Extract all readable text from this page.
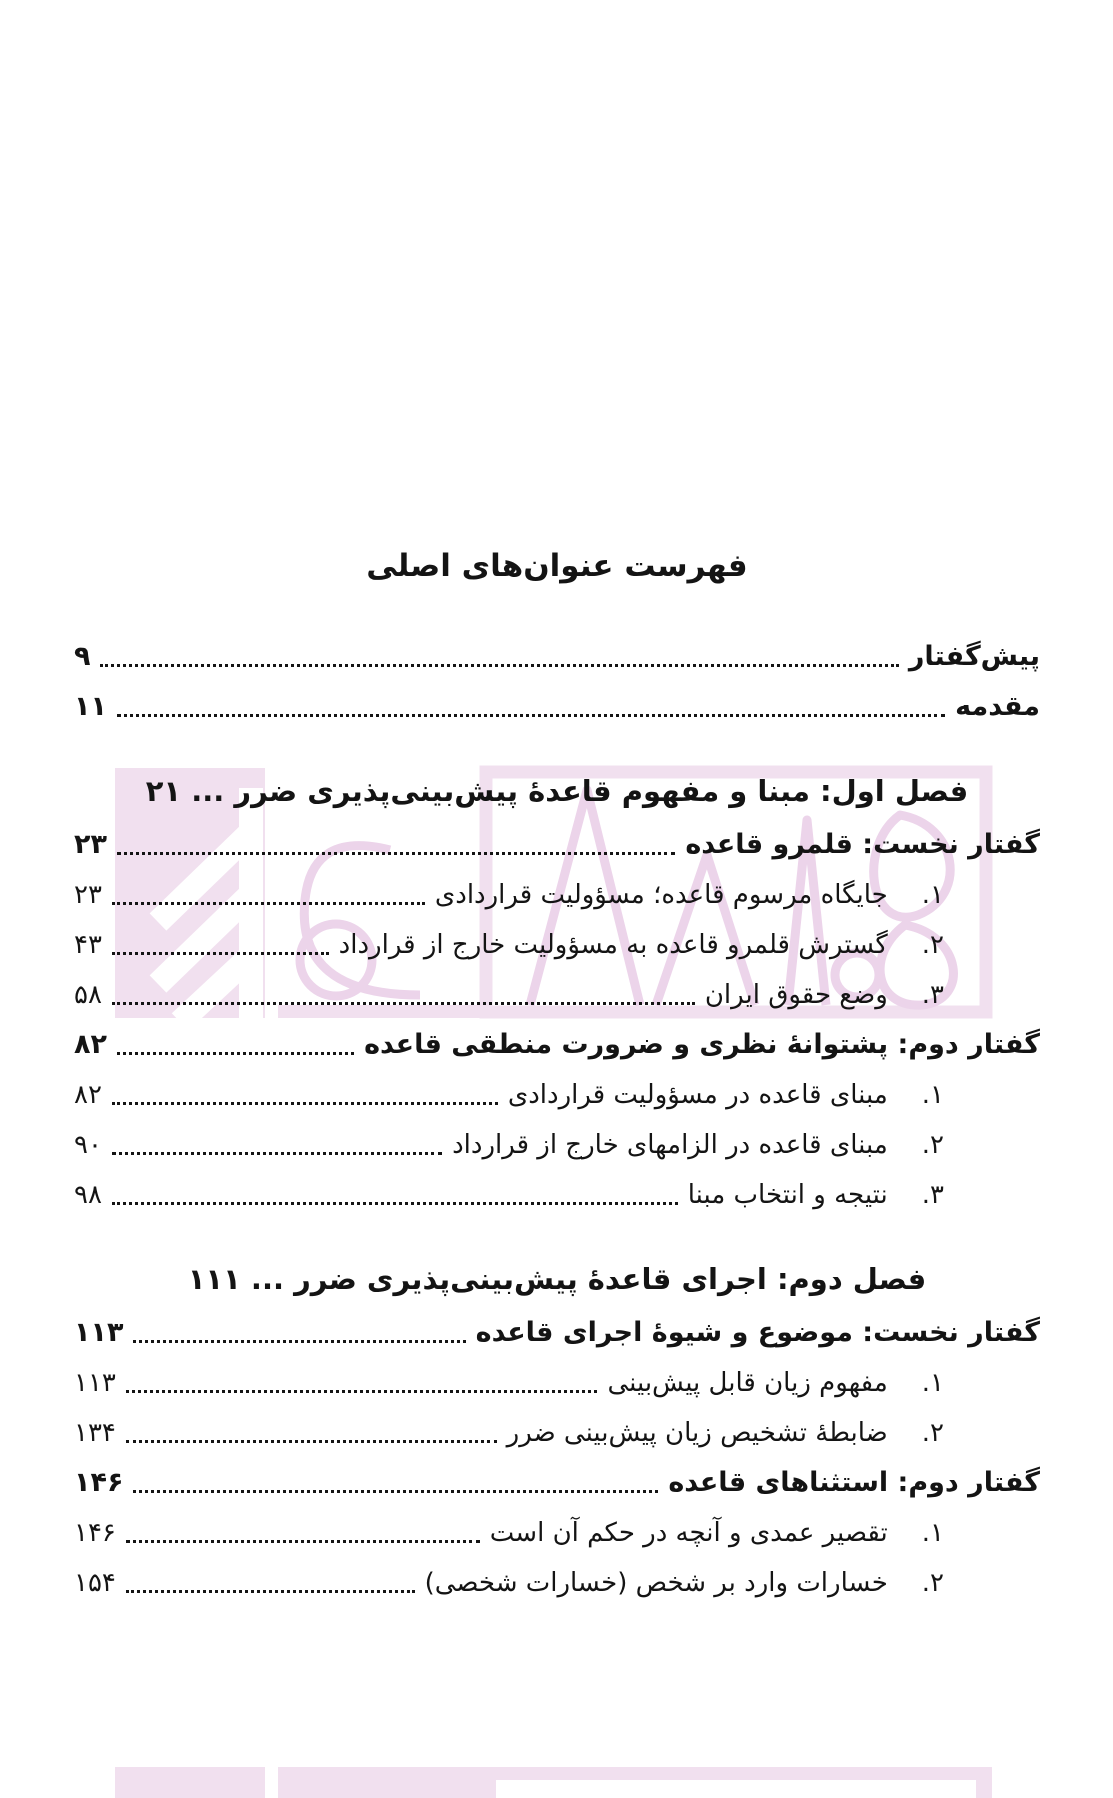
فهرست عنوان‌های اصلی
پیش‌گفتار
۹
مقدمه
۱۱
فصل اول: مبنا و مفهوم قاعدهٔ پیش‌بینی‌پذیری ضرر ... ۲۱
گفتار نخست: قلمرو قاعده
۲۳
۱.جایگاه مرسوم قاعده؛ مسؤولیت قراردادی
۲۳
۲.گسترش قلمرو قاعده به مسؤولیت خارج از قرارداد
۴۳
۳.وضع حقوق ایران
۵۸
گفتار دوم: پشتوانهٔ نظری و ضرورت منطقی قاعده
۸۲
۱.مبنای قاعده در مسؤولیت قراردادی
۸۲
۲.مبنای قاعده در الزامهای خارج از قرارداد
۹۰
۳.نتیجه و انتخاب مبنا
۹۸
فصل دوم: اجرای قاعدهٔ پیش‌بینی‌پذیری ضرر ... ۱۱۱
گفتار نخست: موضوع و شیوهٔ اجرای قاعده
۱۱۳
۱.مفهوم زیان قابل پیش‌بینی
۱۱۳
۲.ضابطهٔ تشخیص زیان پیش‌بینی ضرر
۱۳۴
گفتار دوم: استثناهای قاعده
۱۴۶
۱.تقصیر عمدی و آنچه در حکم آن است
۱۴۶
۲.خسارات وارد بر شخص (خسارات شخصی)
۱۵۴
